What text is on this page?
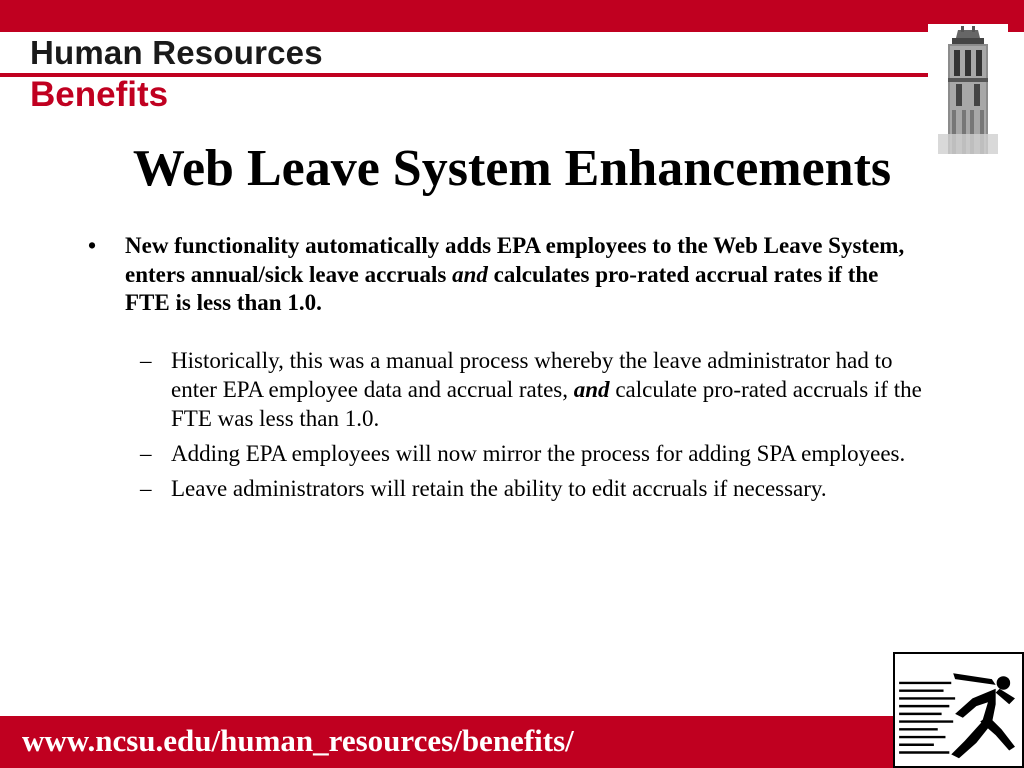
Human Resources
Benefits
Web Leave System Enhancements
•	New functionality automatically adds EPA employees to the Web Leave System, enters annual/sick leave accruals and calculates pro-rated accrual rates if the FTE is less than 1.0.
– Historically, this was a manual process whereby the leave administrator had to enter EPA employee data and accrual rates, and calculate pro-rated accruals if the FTE was less than 1.0.
– Adding EPA employees will now mirror the process for adding SPA employees.
– Leave administrators will retain the ability to edit accruals if necessary.
www.ncsu.edu/human_resources/benefits/
